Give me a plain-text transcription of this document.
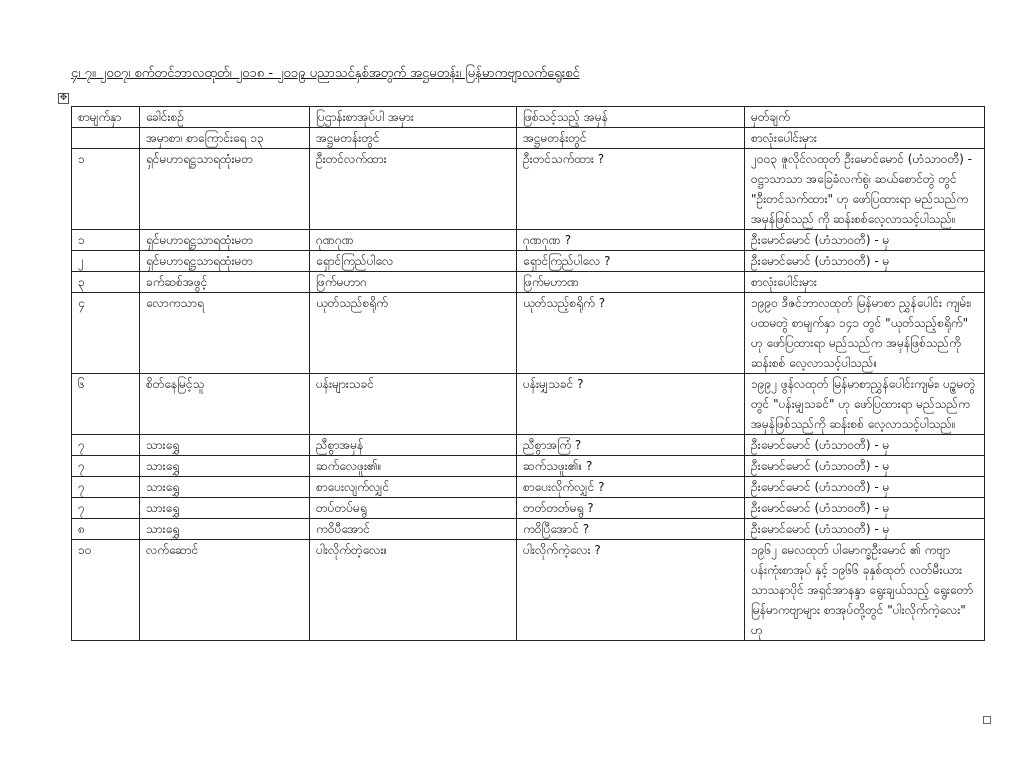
၄၊ ၇။ ၂၀၀၇၊ စက်တင်ဘာလထုတ်၊ ၂၀၁၈ - ၂၀၁၉ ပညာသင်နှစ်အတွက် အဋ္ဌမတန်း၊ မြန်မာကဗျာလက်ရွေးစင်
✥
စာမျက်နှာ	ခေါင်းစဉ်	ပြဌာန်းစာအုပ်ပါ အမှား	ဖြစ်သင့်သည့် အမှန်	မှတ်ချက်
	အမှာစာ၊ စာကြောင်းရေ ၁၃	အဋ္ဌမတန်းတွင်	အဋ္ဌမတန်းတွင်	စာလုံးပေါင်းမှား
၁	ရှင်မဟာရဋ္ဌသာရထုံးမတ	ဦးတင်လက်ထား	ဦးတင်သက်ထား ?	၂၀၀၃ ဇူလိုင်လထုတ် ဦးမောင်မောင် (ဟံသာဝတီ) - ဝဋ္ဌာသာသာ အခြေခံလက်စွဲ၊ ဆယ်စောင်တွဲ တွင် "ဦးတင်သက်ထား" ဟု ဖော်ပြထားရာ မည်သည်က အမှန်ဖြစ်သည် ကို ဆန်းစစ်လေ့လာသင့်ပါသည်။
၁	ရှင်မဟာရဋ္ဌသာရထုံးမတ	ဂုဏဂုဏ	ဂုဏဂုဏ ?	ဦးမောင်မောင် (ဟံသာဝတီ) - မှ
၂	ရှင်မဟာရဋ္ဌသာရထုံးမတ	ရှောင်ကြည်ပါလေ	ရှောင်ကြည်ပါလေ ?	ဦးမောင်မောင် (ဟံသာဝတီ) - မှ
၃	ခက်ဆစ်အဖွင့်	ဖြက်မဟာဂ	ဖြက်မဟာဏ	စာလုံးပေါင်းမှား
၄	လောကသာရ	ယုတ်သည်စရိုက်	ယုတ်သည့်စရိုက် ?	၁၉၉၀ ဒီဇင်ဘာလထုတ် မြန်မာစာ ညွှန်ပေါင်း ကျမ်း၊ ပထမတွဲ စာမျက်နှာ ၁၄၁ တွင် "ယုတ်သည့်စရိုက်" ဟု ဖော်ပြထားရာ မည်သည်က အမှန်ဖြစ်သည်ကို ဆန်းစစ် လေ့လာသင့်ပါသည်။
၆	စိတ်နေမြင့်သူ	ပန်းများသခင်	ပန်းမျှသခင် ?	၁၉၉၂ ဖွန်လထုတ် မြန်မာစာညွှန်ပေါင်းကျမ်း၊ ပဥ္စမတွဲတွင် "ပန်းမျှသခင်" ဟု ဖော်ပြထားရာ မည်သည်က အမှန်ဖြစ်သည်ကို ဆန်းစစ် လေ့လာသင့်ပါသည်။
၇	သားရွှေ	ညီစွာအမှန်	ညီစွာအကြံ ?	ဦးမောင်မောင် (ဟံသာဝတီ) - မှ
၇	သားရွှေ	ဆက်လေဖူး၏။	ဆက်သဖူး၏။ ?	ဦးမောင်မောင် (ဟံသာဝတီ) - မှ
၇	သားရွှေ	စာပေးလျက်လျှင်	စာပေးလိုက်လျှင် ?	ဦးမောင်မောင် (ဟံသာဝတီ) - မှ
၇	သားရွှေ	တပ်တပ်မရွ	တတ်တတ်မရွ ?	ဦးမောင်မောင် (ဟံသာဝတီ) - မှ
၈	သားရွှေ	ကဝိပီအောင်	ကဝိပြီအောင် ?	ဦးမောင်မောင် (ဟံသာဝတီ) - မှ
၁၀	လက်ဆောင်	ပါးလိုက်တဲ့လေး။	ပါးလိုက်ကဲ့လေး ?	၁၉၆၂ မေလထုတ် ပါမောက္ခဦးမောင် ၏ ကဗျာပန်းကုံးစာအုပ် နှင့် ၁၉၆၆ ခုနှစ်ထုတ် လတ်မီးယားသာသနာပိုင် အရှင်အာနန္ဒာ ရွေးချယ်သည့် ရွေးတော်မြန်မာကဗျာများ စာအုပ်တို့တွင် "ပါးလိုက်ကဲ့လေး" ဟု
